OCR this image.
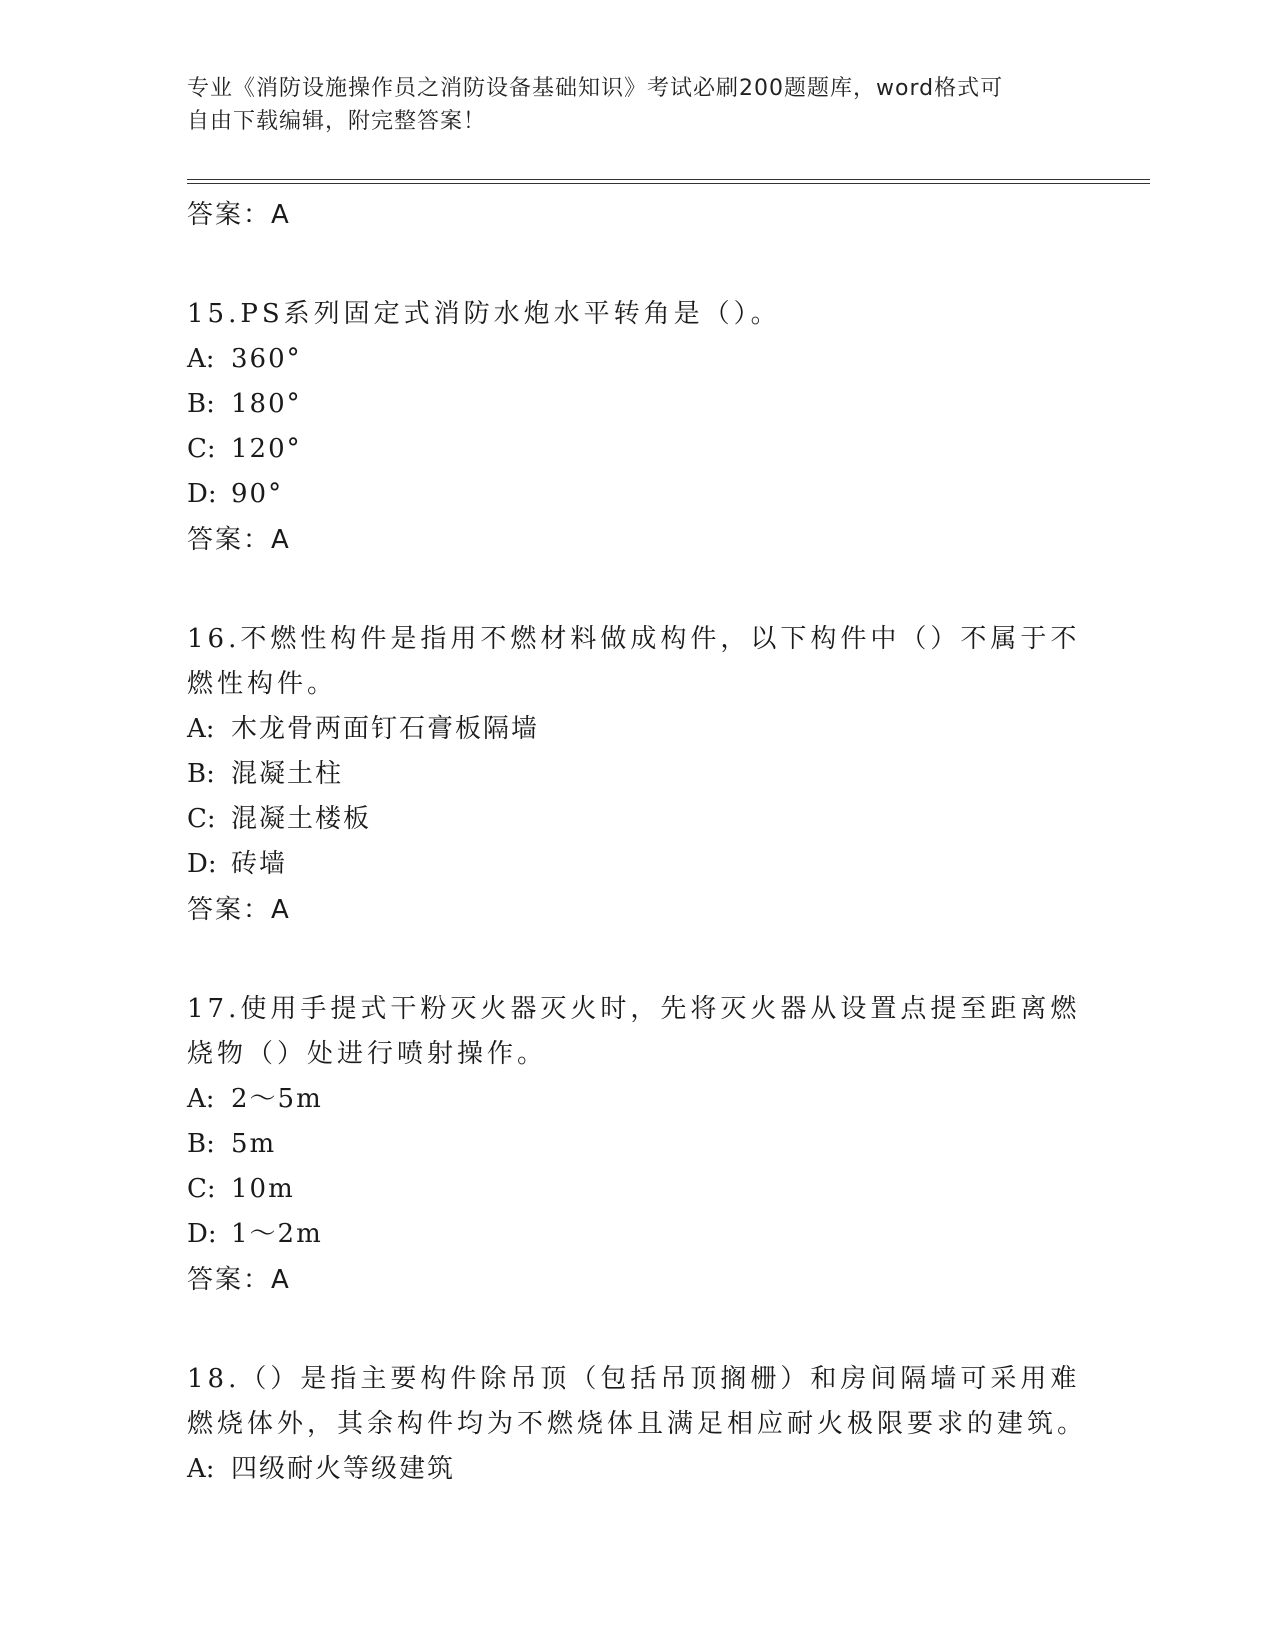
专业《消防设施操作员之消防设备基础知识》考试必刷200题题库，word格式可
自由下载编辑，附完整答案！
答案：A
15.PS系列固定式消防水炮水平转角是（）。
A: 360°
B: 180°
C: 120°
D: 90°
答案：A
16.不燃性构件是指用不燃材料做成构件，以下构件中（）不属于不燃性构件。
A: 木龙骨两面钉石膏板隔墙
B: 混凝土柱
C: 混凝土楼板
D: 砖墙
答案：A
17.使用手提式干粉灭火器灭火时，先将灭火器从设置点提至距离燃烧物（）处进行喷射操作。
A: 2～5m
B: 5m
C: 10m
D: 1～2m
答案：A
18.（）是指主要构件除吊顶（包括吊顶搁栅）和房间隔墙可采用难燃烧体外，其余构件均为不燃烧体且满足相应耐火极限要求的建筑。
A: 四级耐火等级建筑
